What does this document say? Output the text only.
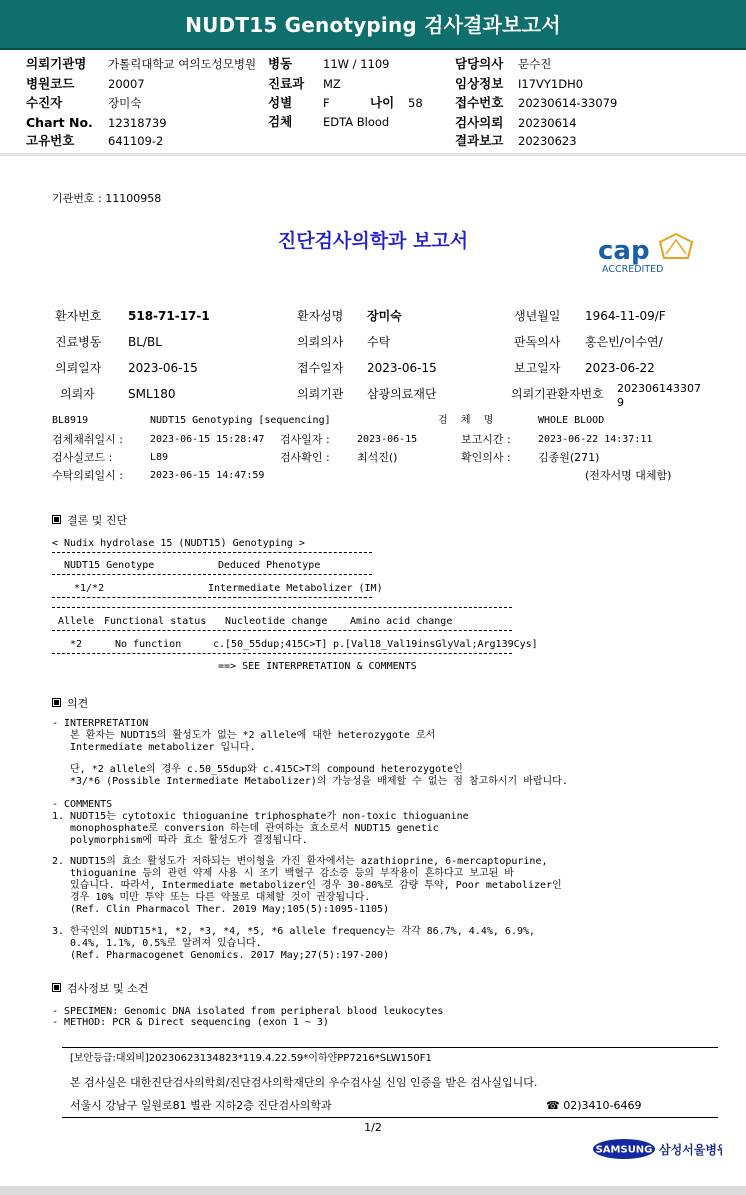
NUDT15 Genotyping 검사결과보고서
의뢰기관명 가톨릭대학교 여의도성모병원 병동	11W / 1109	담당의사 문수진
병원코드	20007	진료과 MZ	임상정보 I17VY1DH0
수진자	장미숙	성별	F	나이 58	접수번호 20230614-33079
Chart No. 12318739	검체	EDTA Blood	검사의뢰 20230614
고유번호	641109-2	결과보고 20230623
기관번호 : 11100958
진단검사의학과 보고서	cap
ACCREDITED
환자번호 518-71-17-1	환자성명 장미숙	생년월일 1964-11-09/F
진료병동 BL/BL	의뢰의사 수탁	판독의사 홍은빈/이수연/
의뢰일자 2023-06-15	접수일자 2023-06-15	보고일자 2023-06-22
의뢰자	SML180	의뢰기관 삼광의료재단	의뢰기관환자번호 202306143307
9
BL8919	NUDT15 Genotyping [sequencing]	검 체 명	WHOLE BLOOD
검체채취일시 :	2023-06-15 15:28:47 검사일자 :	2023-06-15	보고시간 :	2023-06-22 14:37:11
검사실코드 :	L89	검사확인 : 최석진()	확인의사 : 김종원(271)
수탁의뢰일시 :	2023-06-15 14:47:59	(전자서명 대체함)
결론 및 진단
< Nudix hydrolase 15 (NUDT15) Genotyping >
NUDT15 Genotype	Deduced Phenotype
*1/*2	Intermediate Metabolizer (IM)
Allele Functional status Nucleotide change Amino acid change
*2	No function	c.[50_55dup;415C>T] p.[Val18_Val19insGlyVal;Arg139Cys]
==> SEE INTERPRETATION & COMMENTS
의견
- INTERPRETATION
본 환자는 NUDT15의 활성도가 없는 *2 allele에 대한 heterozygote 로서
Intermediate metabolizer 입니다.
단, *2 allele의 경우 c.50_55dup와 c.415C>T의 compound heterozygote인
*3/*6 (Possible Intermediate Metabolizer)의 가능성을 배제할 수 없는 점 참고하시기 바랍니다.
- COMMENTS
1. NUDT15는 cytotoxic thioguanine triphosphate가 non-toxic thioguanine
monophosphate로 conversion 하는데 관여하는 효소로서 NUDT15 genetic
polymorphism에 따라 효소 활성도가 결정됩니다.
2. NUDT15의 효소 활성도가 저하되는 변이형을 가진 환자에서는 azathioprine, 6-mercaptopurine,
thioguanine 등의 관련 약제 사용 시 조기 백혈구 감소증 등의 부작용이 흔하다고 보고된 바
있습니다. 따라서, Intermediate metabolizer인 경우 30-80%로 감량 투약, Poor metabolizer인
경우 10% 미만 투약 또는 다른 약물로 대체할 것이 권장됩니다.
(Ref. Clin Pharmacol Ther. 2019 May;105(5):1095-1105)
3. 한국인의 NUDT15*1, *2, *3, *4, *5, *6 allele frequency는 각각 86.7%, 4.4%, 6.9%,
0.4%, 1.1%, 0.5%로 알려져 있습니다.
(Ref. Pharmacogenet Genomics. 2017 May;27(5):197-200)
검사정보 및 소견
- SPECIMEN: Genomic DNA isolated from peripheral blood leukocytes
- METHOD: PCR & Direct sequencing (exon 1 ~ 3)
[보안등급:대외비]20230623134823*119.4.22.59*이하얀PP7216*SLW150F1
본 검사실은 대한진단검사의학회/진단검사의학재단의 우수검사실 신임 인증을 받은 검사실입니다.
서울시 강남구 일원로81 별관 지하2층 진단검사의학과	☎ 02)3410-6469
1/2
SAMSUNG 삼성서울병원
